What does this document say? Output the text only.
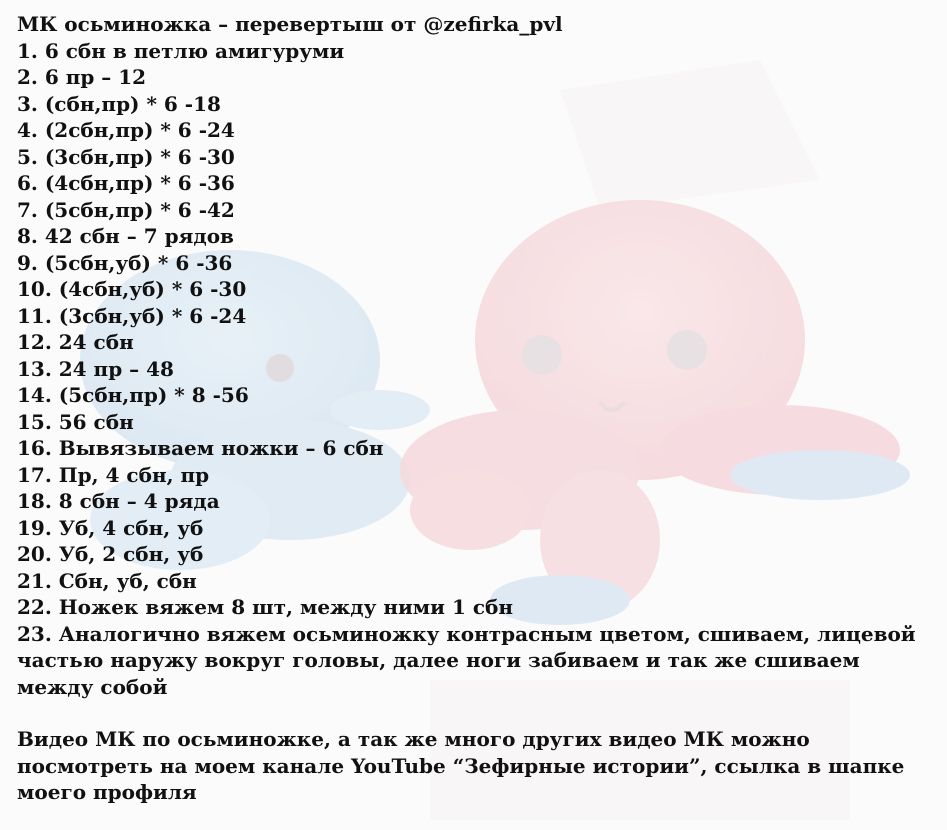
МК осьминожка – перевертыш от @zefirka_pvl
1. 6 сбн в петлю амигуруми
2. 6 пр – 12
3. (сбн,пр) * 6 -18
4. (2сбн,пр) * 6 -24
5. (3сбн,пр) * 6 -30
6. (4сбн,пр) * 6 -36
7. (5сбн,пр) * 6 -42
8. 42 сбн – 7 рядов
9. (5сбн,уб) * 6 -36
10. (4сбн,уб) * 6 -30
11. (3сбн,уб) * 6 -24
12. 24 сбн
13. 24 пр – 48
14. (5сбн,пр) * 8 -56
15. 56 сбн
16. Вывязываем ножки – 6 сбн
17. Пр, 4 сбн, пр
18. 8 сбн – 4 ряда
19. Уб, 4 сбн, уб
20. Уб, 2 сбн, уб
21. Сбн, уб, сбн
22. Ножек вяжем 8 шт, между ними 1 сбн
23. Аналогично вяжем осьминожку контрасным цветом, сшиваем, лицевой частью наружу вокруг головы, далее ноги забиваем и так же сшиваем между собой
Видео МК по осьминожке, а так же много других видео МК можно посмотреть на моем канале YouTube “Зефирные истории”, ссылка в шапке моего профиля
